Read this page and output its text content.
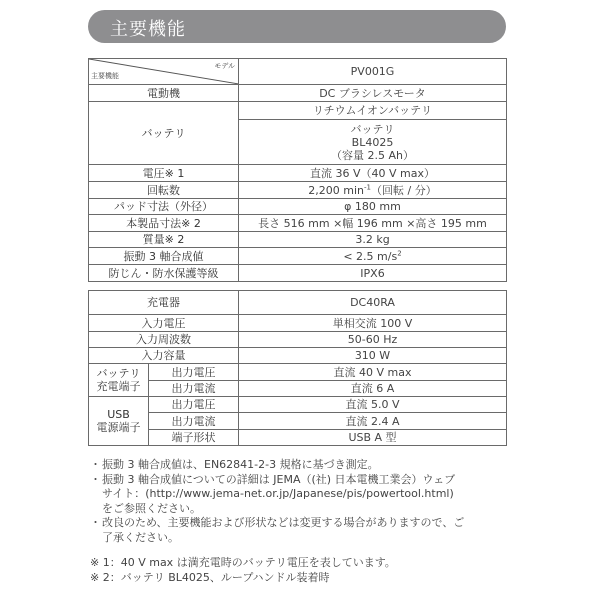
主要機能
モデル
主要機能	PV001G
電動機	DC ブラシレスモータ
バッテリ	リチウムイオンバッテリ

	バッテリ
BL4025
（容量 2.5 Ah）

電圧※ 1	直流 36 V（40 V max）
回転数	2,200 $\min^{-1}$（回転 / 分）
パッド寸法（外径）	φ 180 mm
本製品寸法※ 2	長さ 516 mm ×幅 196 mm ×高さ 195 mm
質量※ 2	3.2 kg
振動 3 軸合成値	< 2.5 $m/s^2$
防じん・防水保護等級	IPX6
充電器		DC40RA
入力電圧		単相交流 100 V
入力周波数		50-60 Hz
入力容量		310 W

バッテリ
充電端子	出力電圧	直流 40 V max
	出力電流	直流 6 A

USB
電源端子	出力電圧	直流 5.0 V
	出力電流	直流 2.4 A
	端子形状	USB A 型
・ 振動 3 軸合成値は、EN62841-2-3 規格に基づき測定。
・ 振動 3 軸合成値についての詳細は JEMA（(社) 日本電機工業会）ウェブ
サイト：(http://www.jema-net.or.jp/Japanese/pis/powertool.html)
をご参照ください。
・ 改良のため、主要機能および形状などは変更する場合がありますので、ご
了承ください。
※ 1：40 V max は満充電時のバッテリ電圧を表しています。
※ 2：バッテリ BL4025、ループハンドル装着時
